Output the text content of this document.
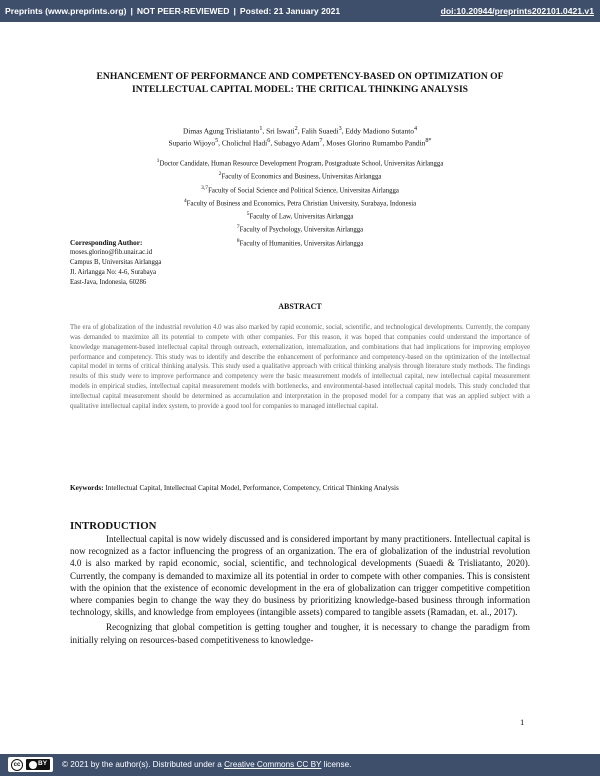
Preprints (www.preprints.org) | NOT PEER-REVIEWED | Posted: 21 January 2021	doi:10.20944/preprints202101.0421.v1
ENHANCEMENT OF PERFORMANCE AND COMPETENCY-BASED ON OPTIMIZATION OF INTELLECTUAL CAPITAL MODEL: THE CRITICAL THINKING ANALYSIS
Dimas Agung Trisliatanto$^1$, Sri Iswati$^2$, Falih Suaedi$^3$, Eddy Madiono Sutanto$^4$
Supario Wijoyo$^5$, Cholichul Hadi$^6$, Subagyo Adam$^7$, Moses Glorino Rumambo Pandin$^{8*}$
$^1$Doctor Candidate, Human Resource Development Program, Postgraduate School, Universitas Airlangga
$^2$Faculty of Economics and Business, Universitas Airlangga
$^{3,7}$Faculty of Social Science and Political Science, Universitas Airlangga
$^4$Faculty of Business and Economics, Petra Christian University, Surabaya, Indonesia
$^5$Faculty of Law, Universitas Airlangga
$^7$Faculty of Psychology, Universitas Airlangga
$^8$Faculty of Humanities, Universitas Airlangga
Corresponding Author:
moses.glorino@fib.unair.ac.id
Campus B, Universitas Airlangga
Jl. Airlangga No: 4-6, Surabaya
East-Java, Indonesia, 60286
ABSTRACT
The era of globalization of the industrial revolution 4.0 was also marked by rapid economic, social, scientific, and technological developments. Currently, the company was demanded to maximize all its potential to compete with other companies. For this reason, it was hoped that companies could understand the importance of knowledge management-based intellectual capital through outreach, externalization, internalization, and combinations that had implications for improving employee performance and competency. This study was to identify and describe the enhancement of performance and competency-based on the optimization of the intellectual capital model in terms of critical thinking analysis. This study used a qualitative approach with critical thinking analysis through literature study methods. The findings results of this study were to improve performance and competency were the basic measurement models of intellectual capital, new intellectual capital measurement models in empirical studies, intellectual capital measurement models with bottlenecks, and environmental-based intellectual capital models. This study concluded that intellectual capital measurement should be determined as accumulation and interpretation in the proposed model for a company that was an applied subject with a qualitative intellectual capital index system, to provide a good tool for companies to managed intellectual capital.
Keywords: Intellectual Capital, Intellectual Capital Model, Performance, Competency, Critical Thinking Analysis
INTRODUCTION

Intellectual capital is now widely discussed and is considered important by many practitioners. Intellectual capital is now recognized as a factor influencing the progress of an organization. The era of globalization of the industrial revolution 4.0 is also marked by rapid economic, social, scientific, and technological developments (Suaedi & Trisliatanto, 2020). Currently, the company is demanded to maximize all its potential in order to compete with other companies. This is consistent with the opinion that the existence of economic development in the era of globalization can trigger competitive competition where companies begin to change the way they do business by prioritizing knowledge-based business through information technology, skills, and knowledge from employees (intangible assets) compared to tangible assets (Ramadan, et. al., 2017).

Recognizing that global competition is getting tougher and tougher, it is necessary to change the paradigm from initially relying on resources-based competitiveness to knowledge-

1
cc	BY © 2021 by the author(s). Distributed under a Creative Commons CC BY license.
